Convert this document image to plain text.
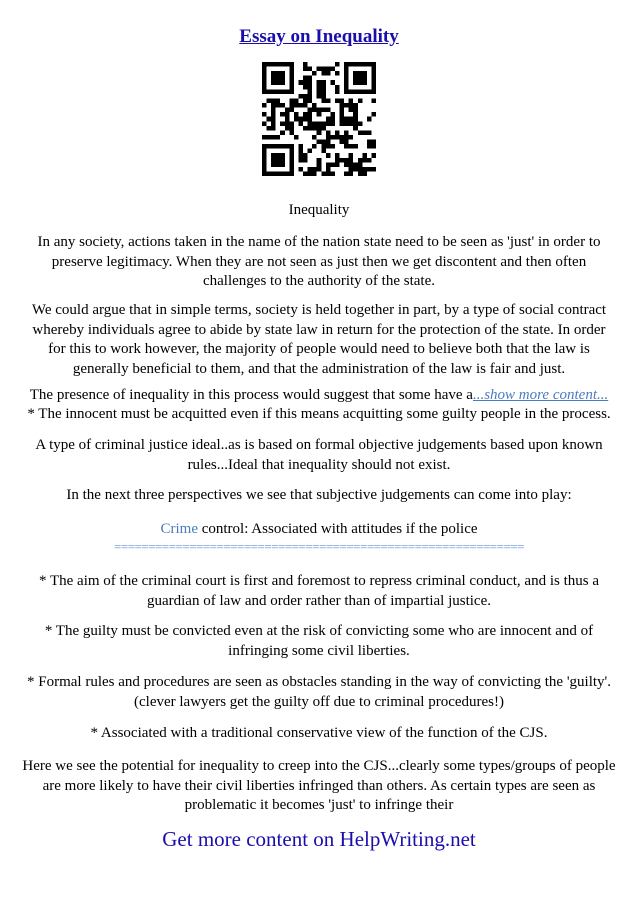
Essay on Inequality
Inequality

In any society, actions taken in the name of the nation state need to be seen as 'just' in order to preserve legitimacy. When they are not seen as just then we get discontent and then often challenges to the authority of the state.

We could argue that in simple terms, society is held together in part, by a type of social contract whereby individuals agree to abide by state law in return for the protection of the state. In order for this to work however, the majority of people would need to believe both that the law is generally beneficial to them, and that the administration of the law is fair and just.

The presence of inequality in this process would suggest that some have a...show more content...

* The innocent must be acquitted even if this means acquitting some guilty people in the process.

A type of criminal justice ideal..as is based on formal objective judgements based upon known rules...Ideal that inequality should not exist.

In the next three perspectives we see that subjective judgements can come into play:

Crime control: Associated with attitudes if the police

============================================================

* The aim of the criminal court is first and foremost to repress criminal conduct, and is thus a guardian of law and order rather than of impartial justice.

* The guilty must be convicted even at the risk of convicting some who are innocent and of infringing some civil liberties.

* Formal rules and procedures are seen as obstacles standing in the way of convicting the 'guilty'. (clever lawyers get the guilty off due to criminal procedures!)

* Associated with a traditional conservative view of the function of the CJS.

Here we see the potential for inequality to creep into the CJS...clearly some types/groups of people are more likely to have their civil liberties infringed than others. As certain types are seen as problematic it becomes 'just' to infringe their

Get more content on HelpWriting.net
